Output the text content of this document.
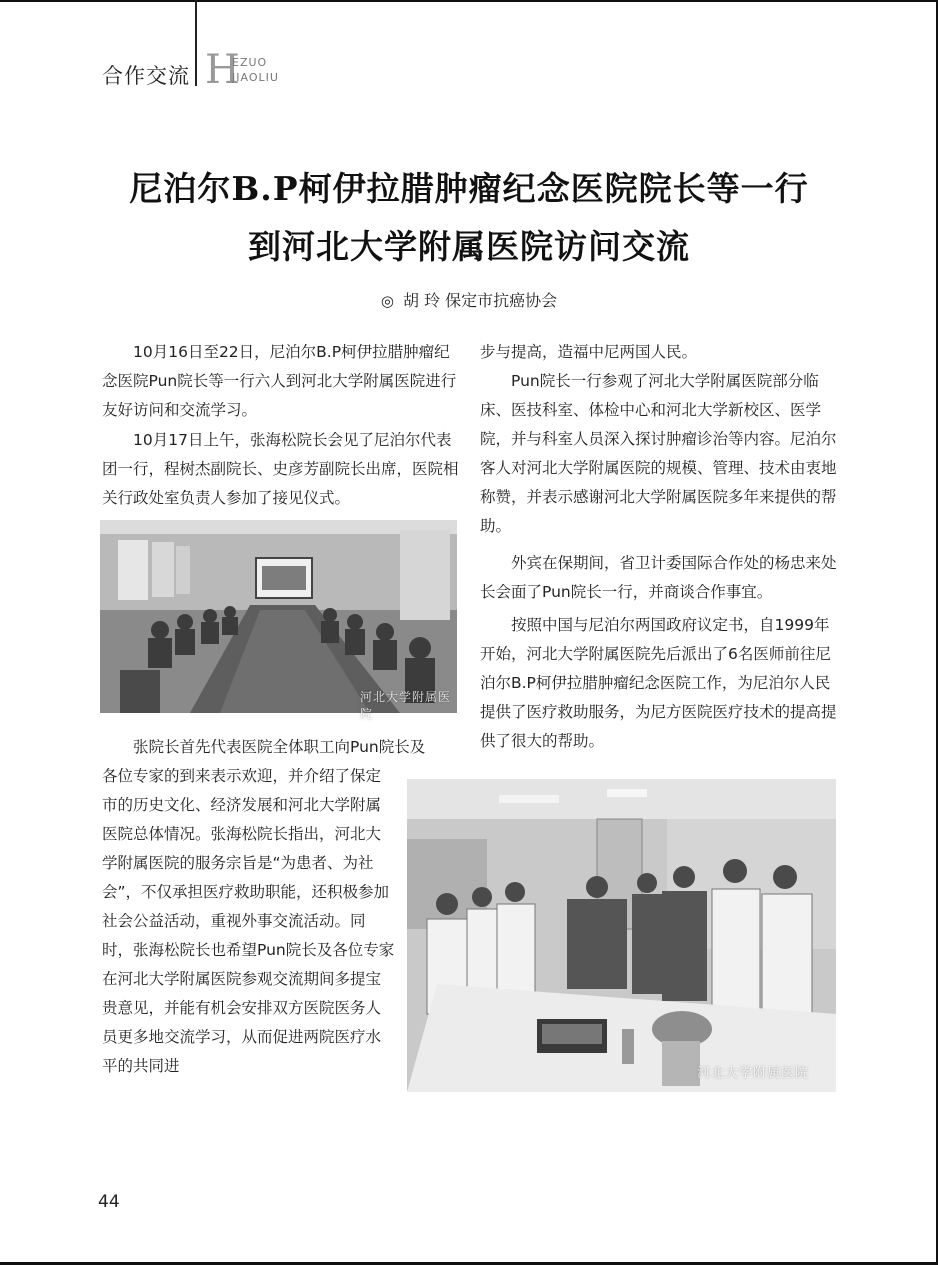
合作交流 H
EZUO
JIAOLIU
尼泊尔B.P柯伊拉腊肿瘤纪念医院院长等一行
到河北大学附属医院访问交流
◎ 胡 玲 保定市抗癌协会

10月16日至22日，尼泊尔B.P柯伊拉腊肿瘤纪念医院Pun院长等一行六人到河北大学附属医院进行友好访问和交流学习。

10月17日上午，张海松院长会见了尼泊尔代表团一行，程树杰副院长、史彦芳副院长出席，医院相关行政处室负责人参加了接见仪式。

张院长首先代表医院全体职工向Pun院长及

各位专家的到来表示欢迎，并介绍了保定市的历史文化、经济发展和河北大学附属医院总体情况。张海松院长指出，河北大学附属医院的服务宗旨是“为患者、为社会”，不仅承担医疗救助职能，还积极参加社会公益活动，重视外事交流活动。同时，张海松院长也希望Pun院长及各位专家在河北大学附属医院参观交流期间多提宝贵意见，并能有机会安排双方医院医务人员更多地交流学习，从而促进两院医疗水平的共同进

步与提高，造福中尼两国人民。

Pun院长一行参观了河北大学附属医院部分临床、医技科室、体检中心和河北大学新校区、医学院，并与科室人员深入探讨肿瘤诊治等内容。尼泊尔客人对河北大学附属医院的规模、管理、技术由衷地称赞，并表示感谢河北大学附属医院多年来提供的帮助。

外宾在保期间，省卫计委国际合作处的杨忠来处长会面了Pun院长一行，并商谈合作事宜。

按照中国与尼泊尔两国政府议定书，自1999年开始，河北大学附属医院先后派出了6名医师前往尼泊尔B.P柯伊拉腊肿瘤纪念医院工作，为尼泊尔人民提供了医疗救助服务，为尼方医院医疗技术的提高提供了很大的帮助。

河北大学附属医院
河北大学附属医院
44
